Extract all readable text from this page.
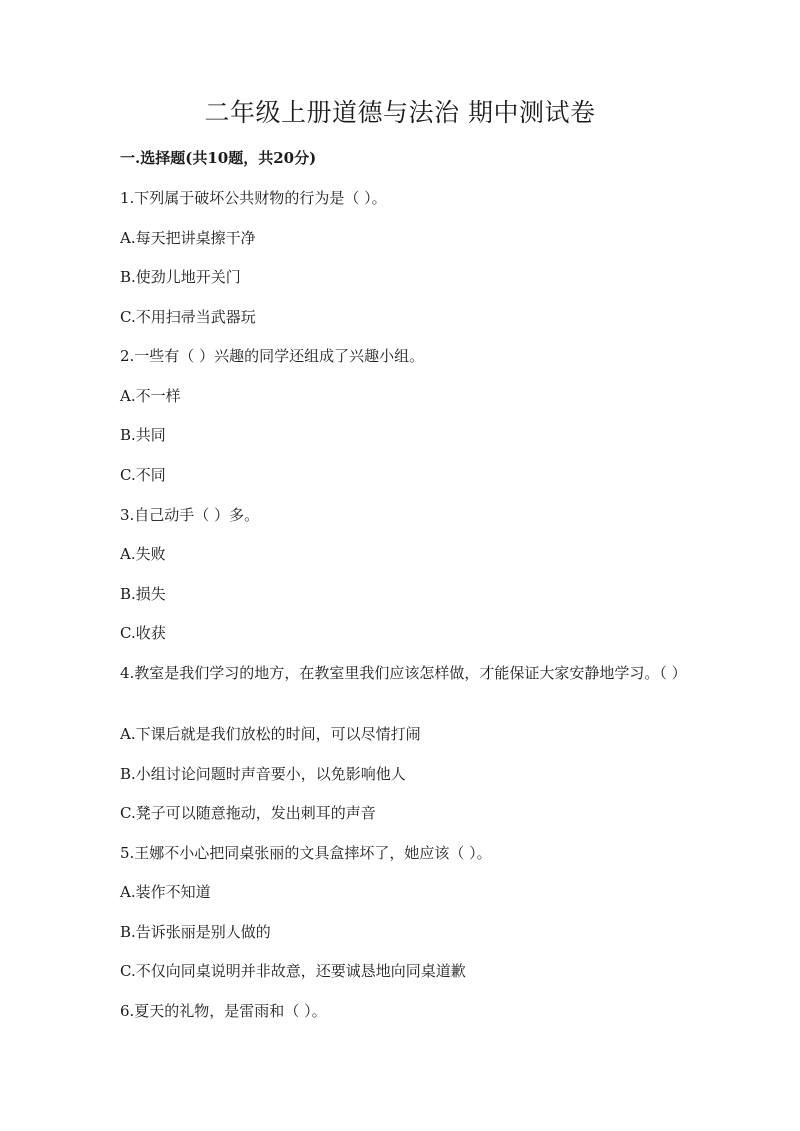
二年级上册道德与法治 期中测试卷
一.选择题(共10题，共20分)
1.下列属于破坏公共财物的行为是（ ）。
A.每天把讲桌擦干净
B.使劲儿地开关门
C.不用扫帚当武器玩
2.一些有（ ）兴趣的同学还组成了兴趣小组。
A.不一样
B.共同
C.不同
3.自己动手（ ）多。
A.失败
B.损失
C.收获
4.教室是我们学习的地方，在教室里我们应该怎样做，才能保证大家安静地学习。（ ）
A.下课后就是我们放松的时间，可以尽情打闹
B.小组讨论问题时声音要小，以免影响他人
C.凳子可以随意拖动，发出刺耳的声音
5.王娜不小心把同桌张丽的文具盒摔坏了，她应该（ ）。
A.装作不知道
B.告诉张丽是别人做的
C.不仅向同桌说明并非故意，还要诚恳地向同桌道歉
6.夏天的礼物，是雷雨和（ ）。
